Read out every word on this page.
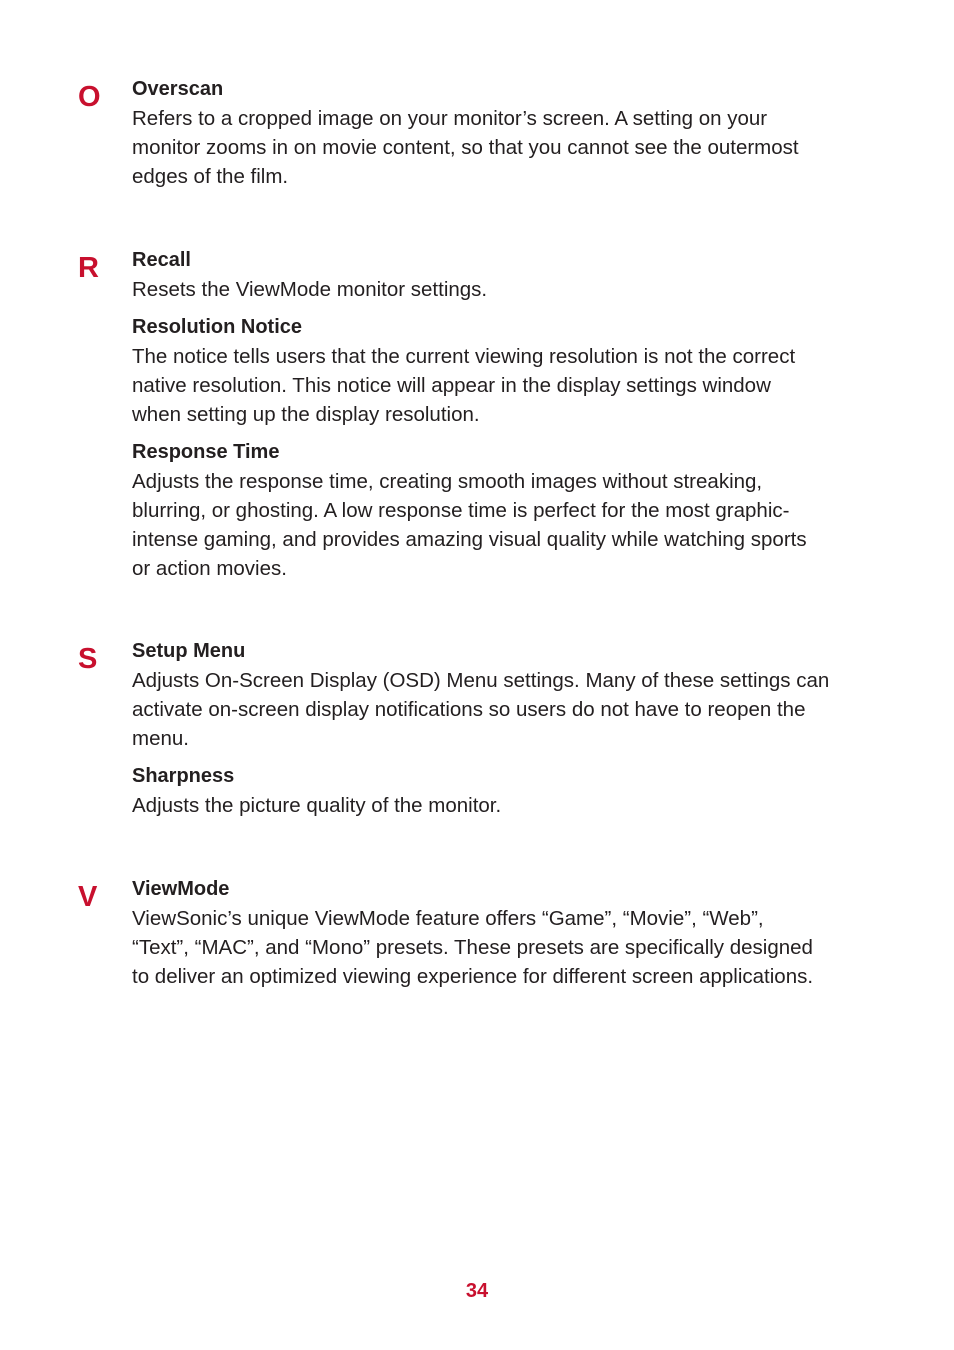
O Overscan
Refers to a cropped image on your monitor’s screen. A setting on your
monitor zooms in on movie content, so that you cannot see the outermost
edges of the film.
R Recall
Resets the ViewMode monitor settings.
Resolution Notice
The notice tells users that the current viewing resolution is not the correct
native resolution. This notice will appear in the display settings window
when setting up the display resolution.
Response Time
Adjusts the response time, creating smooth images without streaking,
blurring, or ghosting. A low response time is perfect for the most graphic-
intense gaming, and provides amazing visual quality while watching sports
or action movies.
S Setup Menu
Adjusts On-Screen Display (OSD) Menu settings. Many of these settings can
activate on-screen display notifications so users do not have to reopen the
menu.
Sharpness
Adjusts the picture quality of the monitor.
V ViewMode
ViewSonic’s unique ViewMode feature offers “Game”, “Movie”, “Web”,
“Text”, “MAC”, and “Mono” presets. These presets are specifically designed
to deliver an optimized viewing experience for different screen applications.
34
